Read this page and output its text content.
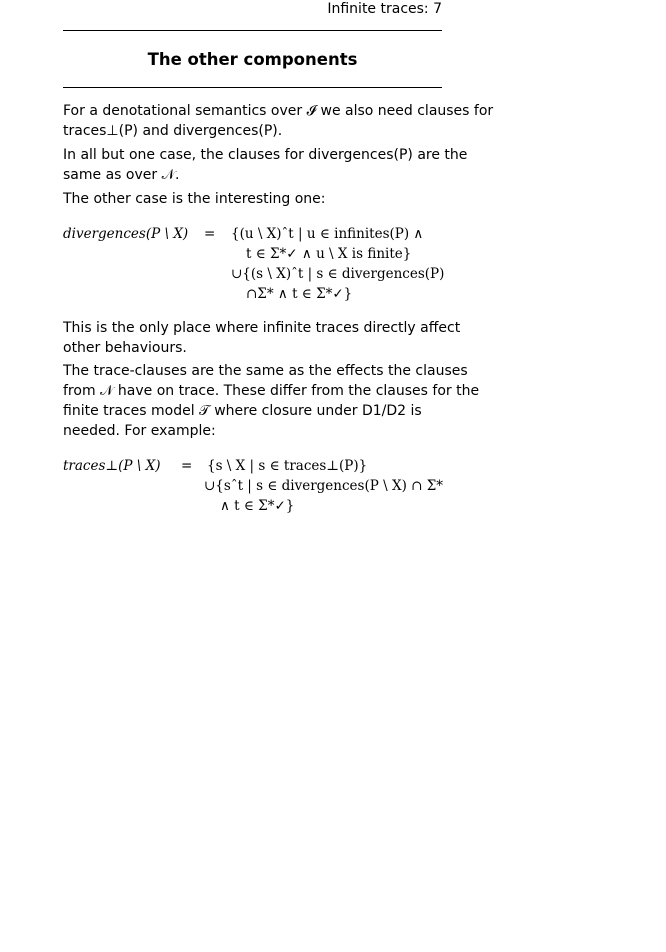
Infinite traces: 7
The other components
For a denotational semantics over 𝓘 we also need clauses for
traces⊥(P) and divergences(P).
In all but one case, the clauses for divergences(P) are the
same as over 𝒩.
The other case is the interesting one:
divergences(P \ X) = {(u \ X)ˆt | u ∈ infinites(P) ∧
t ∈ Σ*✓ ∧ u \ X is finite}
∪{(s \ X)ˆt | s ∈ divergences(P)
∩Σ* ∧ t ∈ Σ*✓}
This is the only place where infinite traces directly affect
other behaviours.
The trace-clauses are the same as the effects the clauses
from 𝒩 have on trace. These differ from the clauses for the
finite traces model 𝒯 where closure under D1/D2 is
needed. For example:
traces⊥(P \ X) = {s \ X | s ∈ traces⊥(P)}
∪{sˆt | s ∈ divergences(P \ X) ∩ Σ*
∧ t ∈ Σ*✓}
